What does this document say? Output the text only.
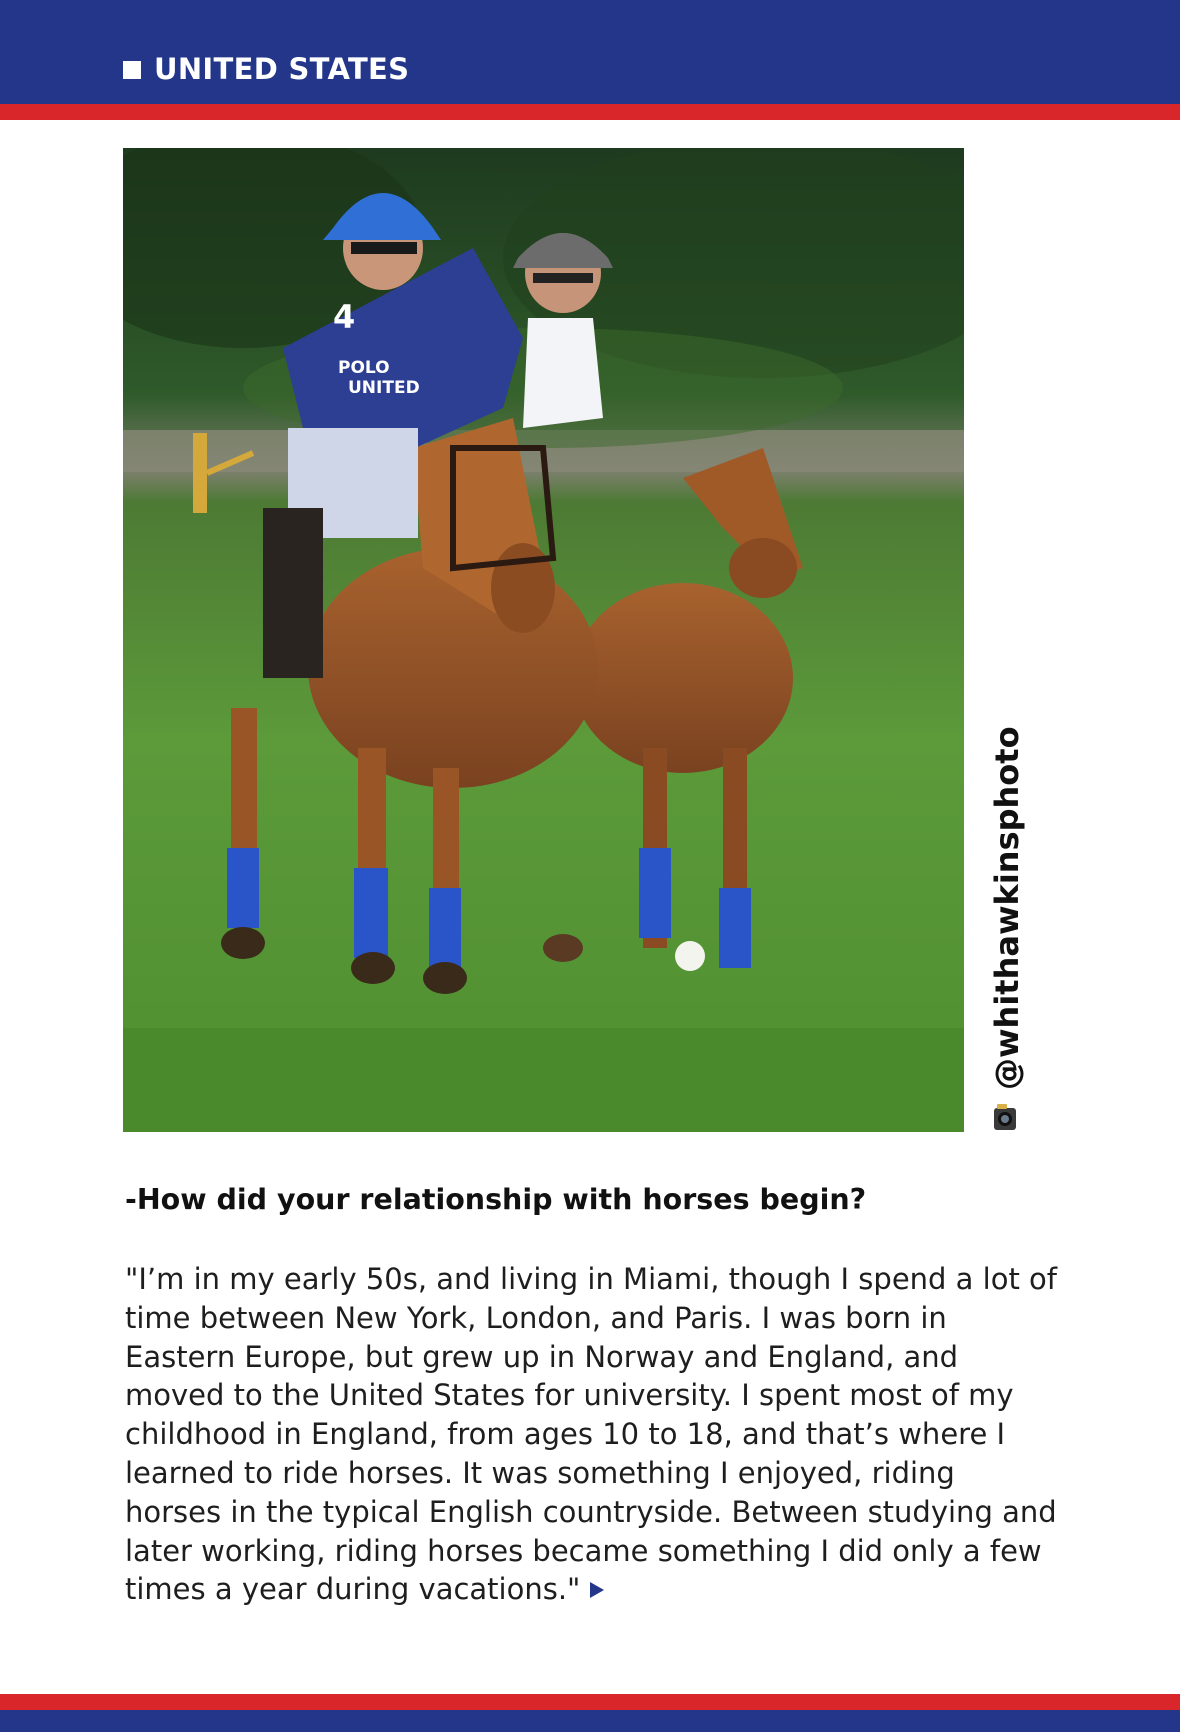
UNITED STATES
4
POLO
UNITED
@whithawkinsphoto
-How did your relationship with horses begin?
"I’m in my early 50s, and living in Miami, though I spend a lot of
time between New York, London, and Paris. I was born in
Eastern Europe, but grew up in Norway and England, and
moved to the United States for university. I spent most of my
childhood in England, from ages 10 to 18, and that’s where I
learned to ride horses. It was something I enjoyed, riding
horses in the typical English countryside. Between studying and
later working, riding horses became something I did only a few
times a year during vacations."
